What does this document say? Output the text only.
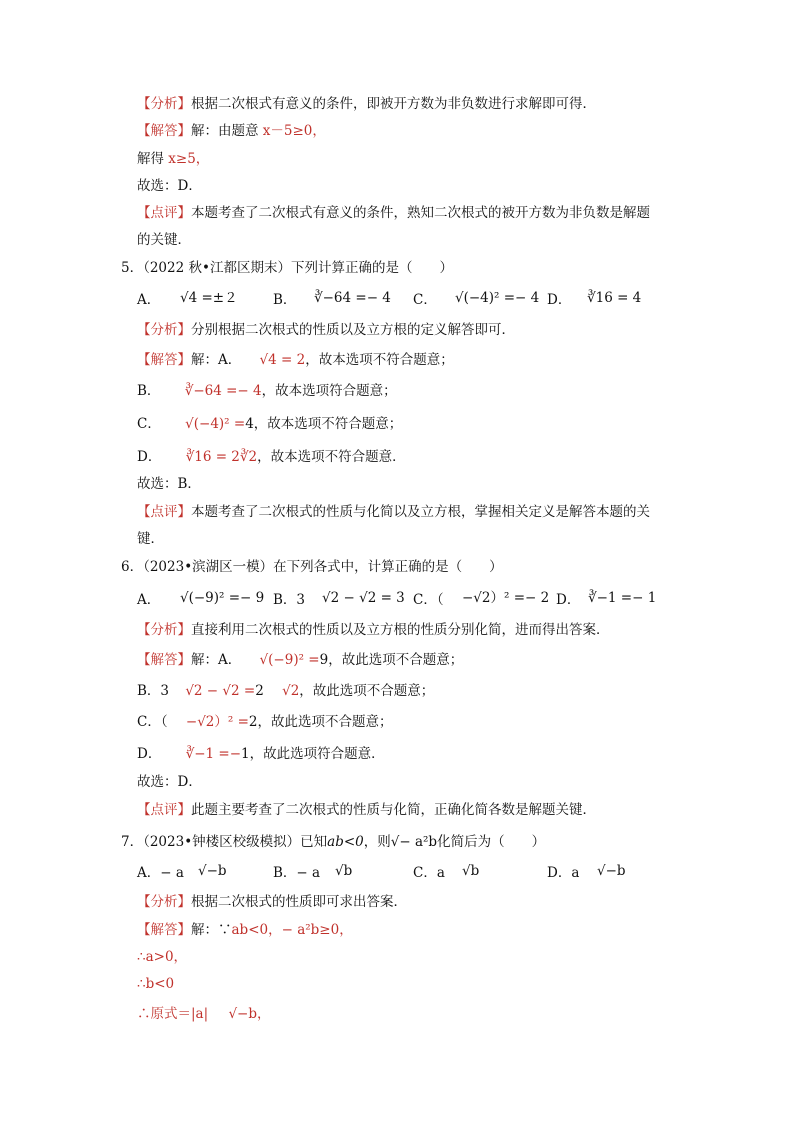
【分析】根据二次根式有意义的条件，即被开方数为非负数进行求解即可得．
【解答】解：由题意 x－5≥0，
解得 x≥5，
故选：D．
【点评】本题考查了二次根式有意义的条件，熟知二次根式的被开方数为非负数是解题
的关键．
5．（2022 秋•江都区期末）下列计算正确的是（　　）
A． √4 =±２	B． ∛−64 =− 4 C． √(−4)² =− 4 D． ∛16 = 4
【分析】分别根据二次根式的性质以及立方根的定义解答即可．
【解答】解：A． √4 = 2，故本选项不符合题意；
B． ∛−64 =− 4，故本选项符合题意；
C． √(−4)² =4，故本选项不符合题意；
D． ∛16 = 2∛2，故本选项不符合题意．
故选：B．
【点评】本题考查了二次根式的性质与化简以及立方根，掌握相关定义是解答本题的关
键．
6．（2023•滨湖区一模）在下列各式中，计算正确的是（　　）
A． √(−9)² =− 9 B．3 √2 − √2 = 3 C．（ −√2）² =− 2 D． ∛−1 =− 1
【分析】直接利用二次根式的性质以及立方根的性质分别化简，进而得出答案．
【解答】解：A． √(−9)² =9，故此选项不合题意；
B．3 √2 − √2 =2 √2，故此选项不合题意；
C．（ −√2）² =2，故此选项不合题意；
D． ∛−1 =−1，故此选项符合题意．
故选：D．
【点评】此题主要考查了二次根式的性质与化简，正确化简各数是解题关键．
7．（2023•钟楼区校级模拟）已知ab<0，则√− a²b化简后为（　　）
A．− a √−b	B．− a √b	C．a √b	D．a √−b
【分析】根据二次根式的性质即可求出答案．
【解答】解：∵ab<0，− a²b≥0，
∴a>0，
∴b<0
∴原式＝|a| √−b，
